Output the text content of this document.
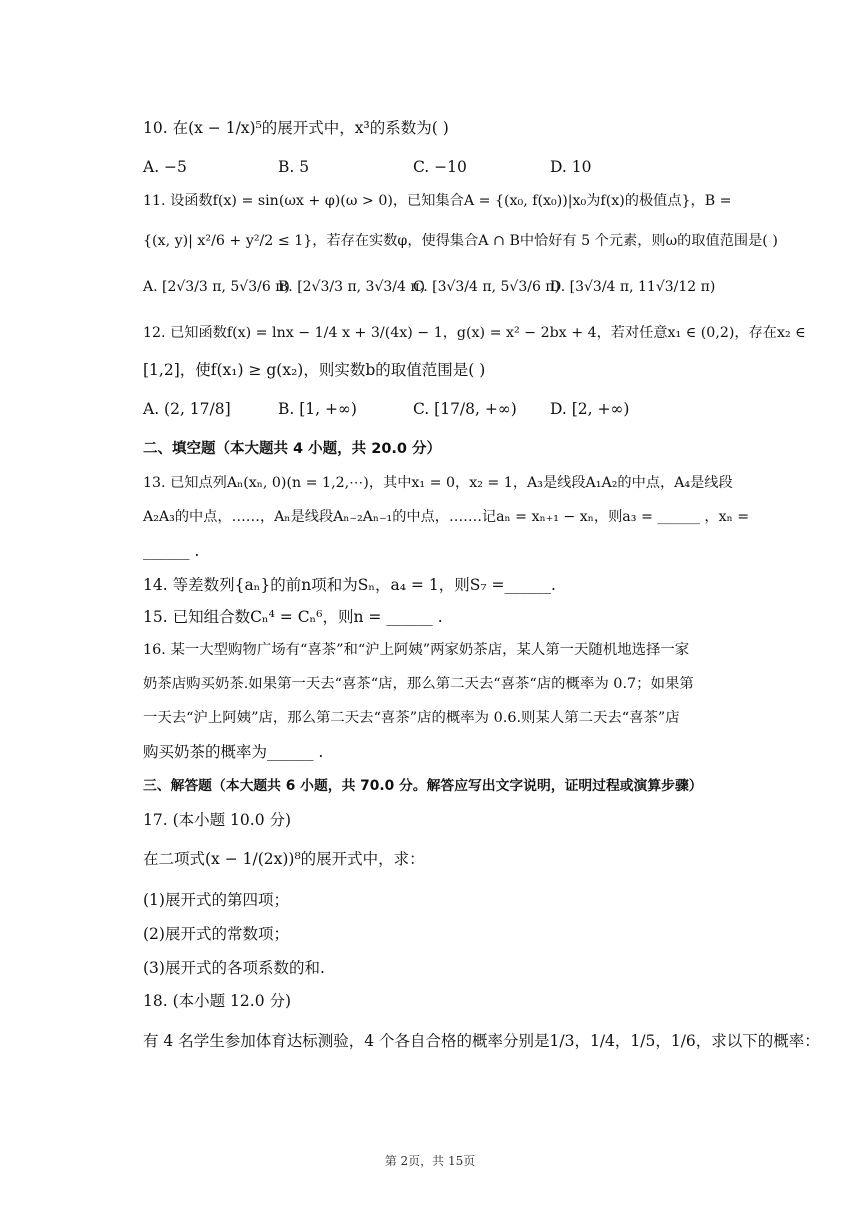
10. 在(x − 1/x)⁵的展开式中，x³的系数为( )
A. −5	B. 5	C. −10	D. 10
11. 设函数f(x) = sin(ωx + φ)(ω > 0)，已知集合A = {(x₀, f(x₀))|x₀为f(x)的极值点}，B =
{(x, y)| x²/6 + y²/2 ≤ 1}，若存在实数φ，使得集合A ∩ B中恰好有 5 个元素，则ω的取值范围是( )
A. [2√3/3 π, 5√3/6 π)
B. [2√3/3 π, 3√3/4 π)
C. [3√3/4 π, 5√3/6 π)
D. [3√3/4 π, 11√3/12 π)
12. 已知函数f(x) = lnx − 1/4 x + 3/(4x) − 1，g(x) = x² − 2bx + 4，若对任意x₁ ∈ (0,2)，存在x₂ ∈
[1,2]，使f(x₁) ≥ g(x₂)，则实数b的取值范围是( )
A. (2, 17/8]	B. [1, +∞)	C. [17/8, +∞) D. [2, +∞)
二、填空题（本大题共 4 小题，共 20.0 分）
13. 已知点列Aₙ(xₙ, 0)(n = 1,2,⋯)，其中x₁ = 0，x₂ = 1，A₃是线段A₁A₂的中点，A₄是线段
A₂A₃的中点，……，Aₙ是线段Aₙ₋₂Aₙ₋₁的中点，…….记aₙ = xₙ₊₁ − xₙ，则a₃ = ______ ，xₙ =
______ .
14. 等差数列{aₙ}的前n项和为Sₙ，a₄ = 1，则S₇ =______.
15. 已知组合数Cₙ⁴ = Cₙ⁶，则n = ______ .
16. 某一大型购物广场有“喜茶”和“沪上阿姨”两家奶茶店，某人第一天随机地选择一家
奶茶店购买奶茶.如果第一天去“喜茶“店，那么第二天去“喜茶“店的概率为 0.7；如果第
一天去“沪上阿姨”店，那么第二天去“喜茶”店的概率为 0.6.则某人第二天去“喜茶”店
购买奶茶的概率为______ .
三、解答题（本大题共 6 小题，共 70.0 分。解答应写出文字说明，证明过程或演算步骤）
17. (本小题 10.0 分)
在二项式(x − 1/(2x))⁸的展开式中，求：
(1)展开式的第四项；
(2)展开式的常数项；
(3)展开式的各项系数的和.
18. (本小题 12.0 分)
有 4 名学生参加体育达标测验，4 个各自合格的概率分别是1/3，1/4，1/5，1/6，求以下的概率：
第 2页，共 15页
